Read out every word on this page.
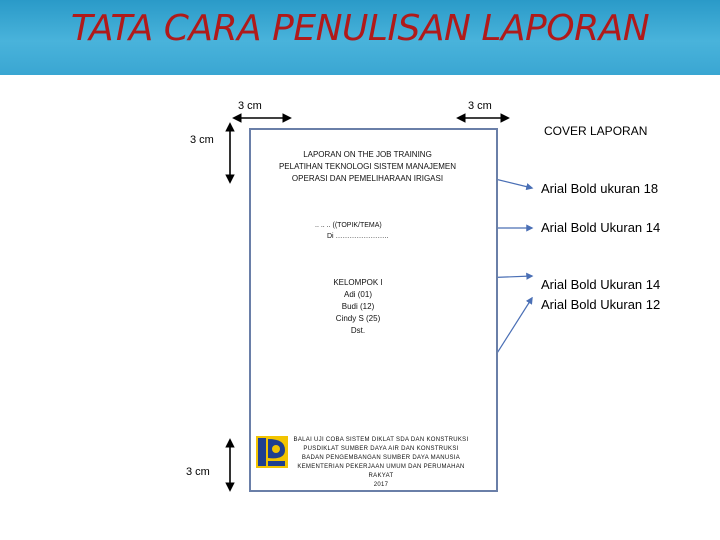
TATA CARA PENULISAN LAPORAN
3 cm	3 cm
3 cm
3 cm
LAPORAN ON THE JOB TRAINING
PELATIHAN TEKNOLOGI SISTEM MANAJEMEN
OPERASI DAN PEMELIHARAAN IRIGASI
.. .. .. ((TOPIK/TEMA)
Di …………………..
KELOMPOK I
Adi (01)
Budi (12)
Cindy S (25)
Dst.
BALAI UJI COBA SISTEM DIKLAT SDA DAN KONSTRUKSI
PUSDIKLAT SUMBER DAYA AIR DAN KONSTRUKSI
BADAN PENGEMBANGAN SUMBER DAYA MANUSIA
KEMENTERIAN PEKERJAAN UMUM DAN PERUMAHAN
RAKYAT
2017
COVER LAPORAN
Arial Bold ukuran 18
Arial Bold Ukuran 14
Arial Bold Ukuran 14
Arial Bold Ukuran 12
